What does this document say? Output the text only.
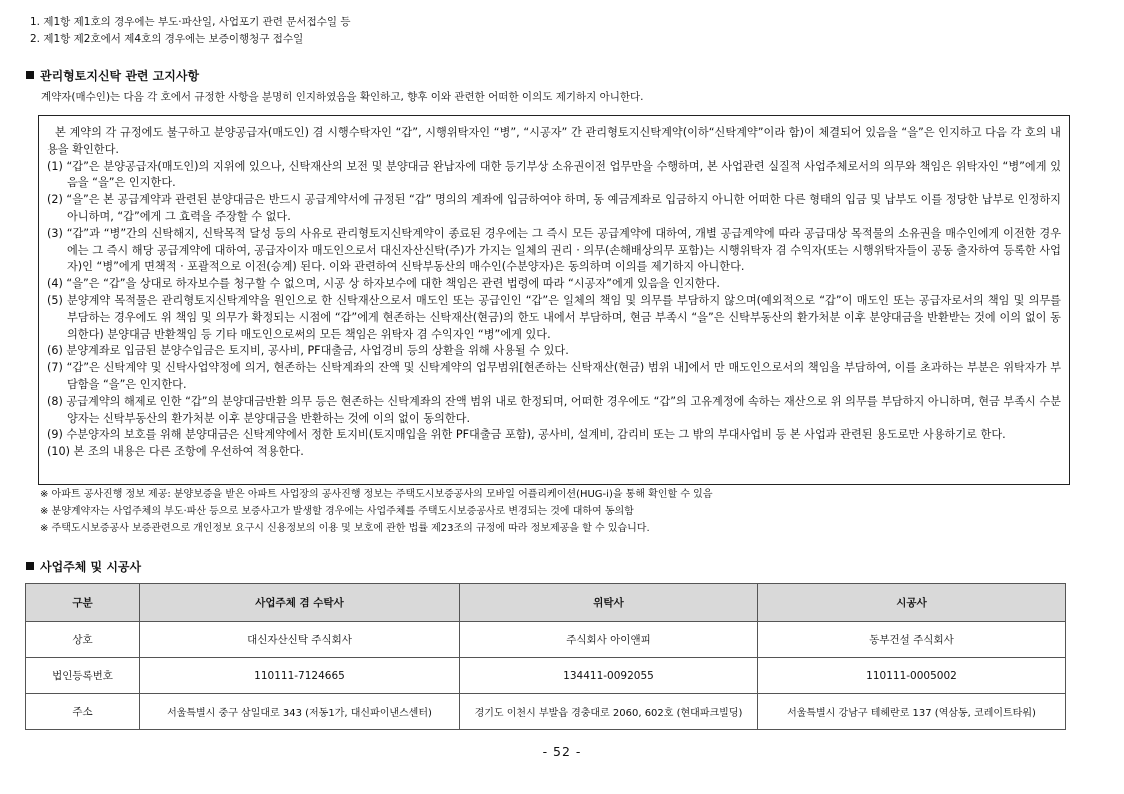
1. 제1항 제1호의 경우에는 부도·파산일, 사업포기 관련 문서접수일 등
2. 제1항 제2호에서 제4호의 경우에는 보증이행청구 접수일
관리형토지신탁 관련 고지사항
계약자(매수인)는 다음 각 호에서 규정한 사항을 분명히 인지하였음을 확인하고, 향후 이와 관련한 어떠한 이의도 제기하지 아니한다.

본 계약의 각 규정에도 불구하고 분양공급자(매도인) 겸 시행수탁자인 “갑”, 시행위탁자인 “병”, “시공자” 간 관리형토지신탁계약(이하“신탁계약”이라 함)이 체결되어 있음을 “을”은 인지하고 다음 각 호의 내용을 확인한다.

(1) “갑”은 분양공급자(매도인)의 지위에 있으나, 신탁재산의 보전 및 분양대금 완납자에 대한 등기부상 소유권이전 업무만을 수행하며, 본 사업관련 실질적 사업주체로서의 의무와 책임은 위탁자인 “병”에게 있음을 “을”은 인지한다.

(2) “을”은 본 공급계약과 관련된 분양대금은 반드시 공급계약서에 규정된 “갑” 명의의 계좌에 입금하여야 하며, 동 예금계좌로 입금하지 아니한 어떠한 다른 형태의 입금 및 납부도 이를 정당한 납부로 인정하지 아니하며, “갑”에게 그 효력을 주장할 수 없다.

(3) “갑”과 “병”간의 신탁해지, 신탁목적 달성 등의 사유로 관리형토지신탁계약이 종료된 경우에는 그 즉시 모든 공급계약에 대하여, 개별 공급계약에 따라 공급대상 목적물의 소유권을 매수인에게 이전한 경우에는 그 즉시 해당 공급계약에 대하여, 공급자이자 매도인으로서 대신자산신탁(주)가 가지는 일체의 권리 · 의무(손해배상의무 포함)는 시행위탁자 겸 수익자(또는 시행위탁자들이 공동 출자하여 등록한 사업자)인 “병”에게 면책적 · 포괄적으로 이전(승계) 된다. 이와 관련하여 신탁부동산의 매수인(수분양자)은 동의하며 이의를 제기하지 아니한다.

(4) “을”은 “갑”을 상대로 하자보수를 청구할 수 없으며, 시공 상 하자보수에 대한 책임은 관련 법령에 따라 “시공자”에게 있음을 인지한다.

(5) 분양계약 목적물은 관리형토지신탁계약을 원인으로 한 신탁재산으로서 매도인 또는 공급인인 “갑”은 일체의 책임 및 의무를 부담하지 않으며(예외적으로 “갑”이 매도인 또는 공급자로서의 책임 및 의무를 부담하는 경우에도 위 책임 및 의무가 확정되는 시점에 “갑”에게 현존하는 신탁재산(현금)의 한도 내에서 부담하며, 현금 부족시 “을”은 신탁부동산의 환가처분 이후 분양대금을 반환받는 것에 이의 없이 동의한다) 분양대금 반환책임 등 기타 매도인으로써의 모든 책임은 위탁자 겸 수익자인 “병”에게 있다.

(6) 분양계좌로 입금된 분양수입금은 토지비, 공사비, PF대출금, 사업경비 등의 상환을 위해 사용될 수 있다.

(7) “갑”은 신탁계약 및 신탁사업약정에 의거, 현존하는 신탁계좌의 잔액 및 신탁계약의 업무범위[현존하는 신탁재산(현금) 범위 내]에서 만 매도인으로서의 책임을 부담하여, 이를 초과하는 부분은 위탁자가 부담함을 “을”은 인지한다.

(8) 공급계약의 해제로 인한 “갑”의 분양대금반환 의무 등은 현존하는 신탁계좌의 잔액 범위 내로 한정되며, 어떠한 경우에도 “갑”의 고유계정에 속하는 재산으로 위 의무를 부담하지 아니하며, 현금 부족시 수분양자는 신탁부동산의 환가처분 이후 분양대금을 반환하는 것에 이의 없이 동의한다.

(9) 수분양자의 보호를 위해 분양대금은 신탁계약에서 정한 토지비(토지매입을 위한 PF대출금 포함), 공사비, 설계비, 감리비 또는 그 밖의 부대사업비 등 본 사업과 관련된 용도로만 사용하기로 한다.

(10) 본 조의 내용은 다른 조항에 우선하여 적용한다.

※ 아파트 공사진행 정보 제공: 분양보증을 받은 아파트 사업장의 공사진행 정보는 주택도시보증공사의 모바일 어플리케이션(HUG-i)을 통해 확인할 수 있음
※ 분양계약자는 사업주체의 부도·파산 등으로 보증사고가 발생할 경우에는 사업주체를 주택도시보증공사로 변경되는 것에 대하여 동의함
※ 주택도시보증공사 보증관련으로 개인정보 요구시 신용정보의 이용 및 보호에 관한 법률 제23조의 규정에 따라 정보제공을 할 수 있습니다.
사업주체 및 시공사
구분	사업주체 겸 수탁사	위탁사	시공사
상호	대신자산신탁 주식회사	주식회사 아이앤피	동부건설 주식회사
법인등록번호	110111-7124665	134411-0092055	110111-0005002
주소	서울특별시 중구 삼일대로 343 (저동1가, 대신파이낸스센터)	경기도 이천시 부발읍 경충대로 2060, 602호 (현대파크빌딩)	서울특별시 강남구 테헤란로 137 (역삼동, 코레이트타워)
- 52 -
